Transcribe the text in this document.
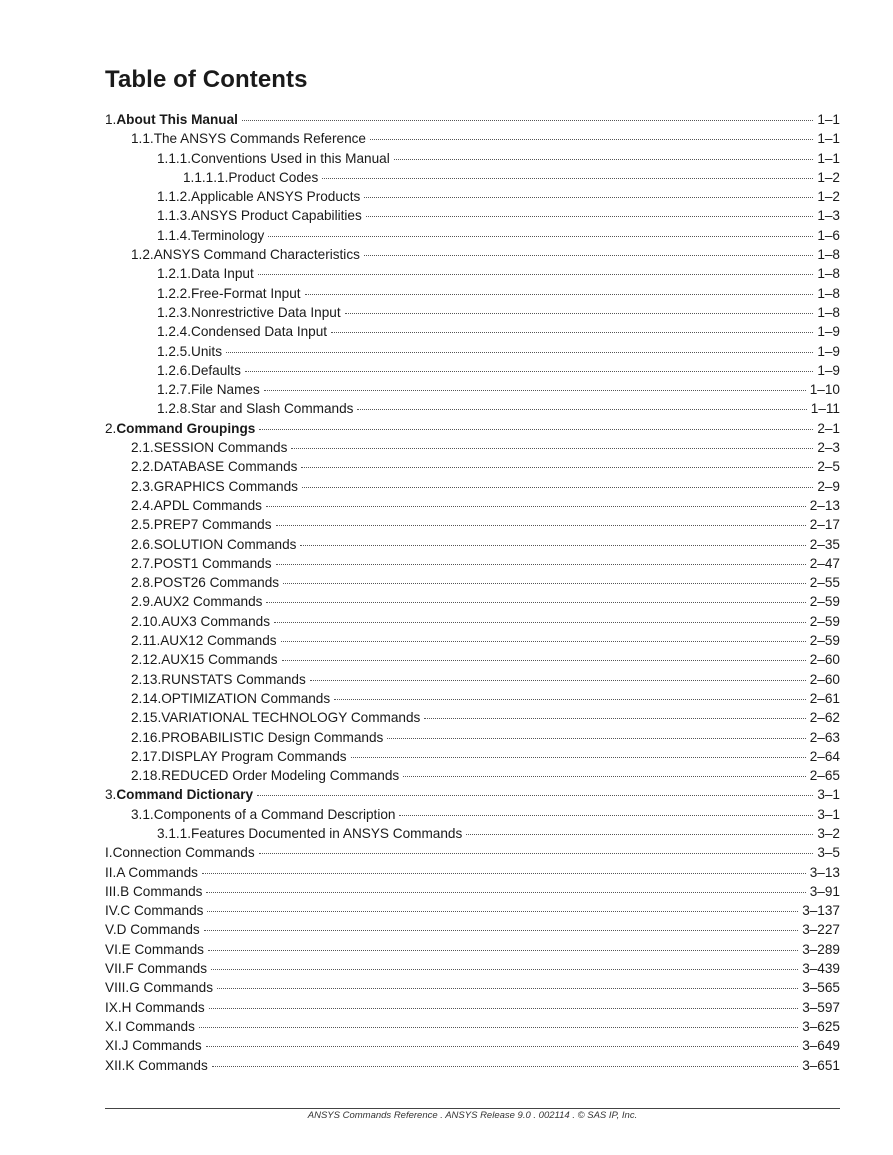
Table of Contents
1. About This Manual	1–1
1.1. The ANSYS Commands Reference	1–1
1.1.1. Conventions Used in this Manual	1–1
1.1.1.1. Product Codes	1–2
1.1.2. Applicable ANSYS Products	1–2
1.1.3. ANSYS Product Capabilities	1–3
1.1.4. Terminology	1–6
1.2. ANSYS Command Characteristics	1–8
1.2.1. Data Input	1–8
1.2.2. Free-Format Input	1–8
1.2.3. Nonrestrictive Data Input	1–8
1.2.4. Condensed Data Input	1–9
1.2.5. Units	1–9
1.2.6. Defaults	1–9
1.2.7. File Names	1–10
1.2.8. Star and Slash Commands	1–11
2. Command Groupings	2–1
2.1. SESSION Commands	2–3
2.2. DATABASE Commands	2–5
2.3. GRAPHICS Commands	2–9
2.4. APDL Commands	2–13
2.5. PREP7 Commands	2–17
2.6. SOLUTION Commands	2–35
2.7. POST1 Commands	2–47
2.8. POST26 Commands	2–55
2.9. AUX2 Commands	2–59
2.10. AUX3 Commands	2–59
2.11. AUX12 Commands	2–59
2.12. AUX15 Commands	2–60
2.13. RUNSTATS Commands	2–60
2.14. OPTIMIZATION Commands	2–61
2.15. VARIATIONAL TECHNOLOGY Commands	2–62
2.16. PROBABILISTIC Design Commands	2–63
2.17. DISPLAY Program Commands	2–64
2.18. REDUCED Order Modeling Commands	2–65
3. Command Dictionary	3–1
3.1. Components of a Command Description	3–1
3.1.1. Features Documented in ANSYS Commands	3–2
I. Connection Commands	3–5
II. A Commands	3–13
III. B Commands	3–91
IV. C Commands	3–137
V. D Commands	3–227
VI. E Commands	3–289
VII. F Commands	3–439
VIII. G Commands	3–565
IX. H Commands	3–597
X. I Commands	3–625
XI. J Commands	3–649
XII. K Commands	3–651
ANSYS Commands Reference . ANSYS Release 9.0 . 002114 . © SAS IP, Inc.
